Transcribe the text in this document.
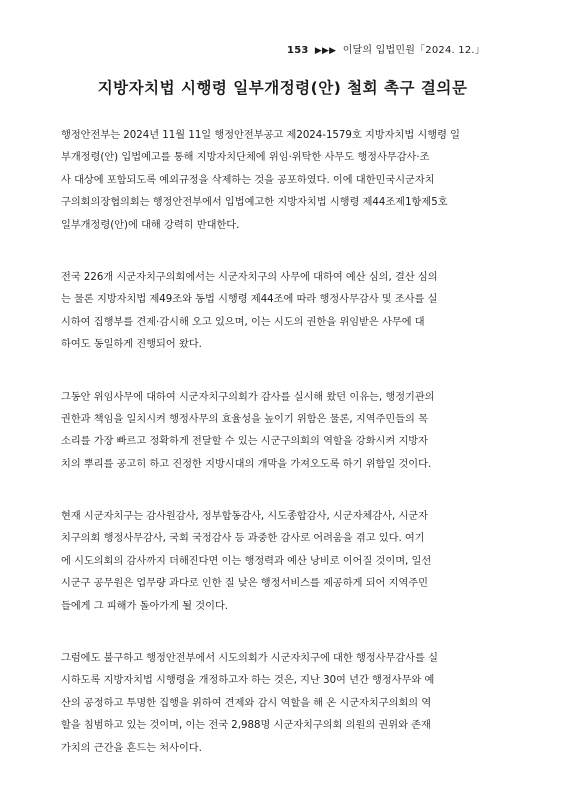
153 ▶▶▶ 이달의 입법민원「2024. 12.」
지방자치법 시행령 일부개정령(안) 철회 촉구 결의문
행정안전부는 2024년 11월 11일 행정안전부공고 제2024-1579호 지방자치법 시행령 일
부개정령(안) 입법예고를 통해 지방자치단체에 위임·위탁한 사무도 행정사무감사·조
사 대상에 포함되도록 예외규정을 삭제하는 것을 공포하였다. 이에 대한민국시군자치
구의회의장협의회는 행정안전부에서 입법예고한 지방자치법 시행령 제44조제1항제5호
일부개정령(안)에 대해 강력히 반대한다.
전국 226개 시군자치구의회에서는 시군자치구의 사무에 대하여 예산 심의, 결산 심의
는 물론 지방자치법 제49조와 동법 시행령 제44조에 따라 행정사무감사 및 조사를 실
시하여 집행부를 견제·감시해 오고 있으며, 이는 시도의 권한을 위임받은 사무에 대
하여도 동일하게 진행되어 왔다.
그동안 위임사무에 대하여 시군자치구의회가 감사를 실시해 왔던 이유는, 행정기관의
권한과 책임을 일치시켜 행정사무의 효율성을 높이기 위함은 물론, 지역주민들의 목
소리를 가장 빠르고 정확하게 전달할 수 있는 시군구의회의 역할을 강화시켜 지방자
치의 뿌리를 공고히 하고 진정한 지방시대의 개막을 가져오도록 하기 위함일 것이다.
현재 시군자치구는 감사원감사, 정부합동감사, 시도종합감사, 시군자체감사, 시군자
치구의회 행정사무감사, 국회 국정감사 등 과중한 감사로 어려움을 겪고 있다. 여기
에 시도의회의 감사까지 더해진다면 이는 행정력과 예산 낭비로 이어질 것이며, 일선
시군구 공무원은 업무량 과다로 인한 질 낮은 행정서비스를 제공하게 되어 지역주민
들에게 그 피해가 돌아가게 될 것이다.
그럼에도 불구하고 행정안전부에서 시도의회가 시군자치구에 대한 행정사무감사를 실
시하도록 지방자치법 시행령을 개정하고자 하는 것은, 지난 30여 년간 행정사무와 예
산의 공정하고 투명한 집행을 위하여 견제와 감시 역할을 해 온 시군자치구의회의 역
할을 침범하고 있는 것이며, 이는 전국 2,988명 시군자치구의회 의원의 권위와 존재
가치의 근간을 흔드는 처사이다.
